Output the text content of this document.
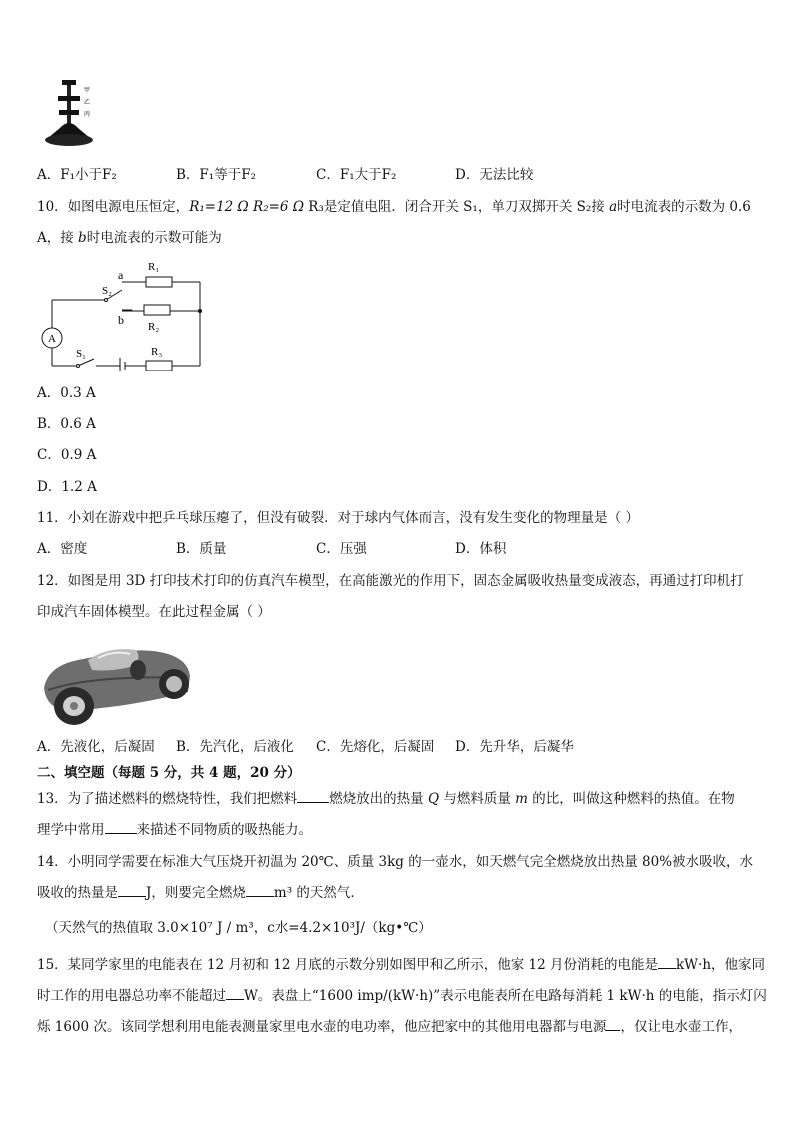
甲
乙
丙
A．F₁小于F₂	B．F₁等于F₂	C．F₁大于F₂	D．无法比较
10．如图电源电压恒定，R₁=12 Ω R₂=6 Ω R₃是定值电阻．闭合开关 S₁，单刀双掷开关 S₂接 a时电流表的示数为 0.6
A，接 b时电流表的示数可能为
a
b
R₁
R₂
R₃
S₁
S₂
A
A．0.3 A
B．0.6 A
C．0.9 A
D．1.2 A
11．小刘在游戏中把乒乓球压瘪了，但没有破裂．对于球内气体而言，没有发生变化的物理量是（ ）
A．密度	B．质量	C．压强	D．体积
12．如图是用 3D 打印技术打印的仿真汽车模型，在高能激光的作用下，固态金属吸收热量变成液态，再通过打印机打
印成汽车固体模型。在此过程金属（ ）
A．先液化，后凝固 B．先汽化，后液化 C．先熔化，后凝固 D．先升华，后凝华
二、填空题（每题 5 分，共 4 题，20 分）
13．为了描述燃料的燃烧特性，我们把燃料 燃烧放出的热量 Q 与燃料质量 m 的比，叫做这种燃料的热值。在物
理学中常用 来描述不同物质的吸热能力。
14．小明同学需要在标准大气压烧开初温为 20℃、质量 3kg 的一壶水，如天燃气完全燃烧放出热量 80%被水吸收，水
吸收的热量是 J，则要完全燃烧 m³ 的天然气．
（天然气的热值取 3.0×10⁷ J / m³，c水=4.2×10³J/（kg•℃）
15．某同学家里的电能表在 12 月初和 12 月底的示数分别如图甲和乙所示，他家 12 月份消耗的电能是 kW·h，他家同
时工作的用电器总功率不能超过 W。表盘上“1600 imp/(kW·h)”表示电能表所在电路每消耗 1 kW·h 的电能，指示灯闪
烁 1600 次。该同学想利用电能表测量家里电水壶的电功率，他应把家中的其他用电器都与电源 ，仅让电水壶工作，
